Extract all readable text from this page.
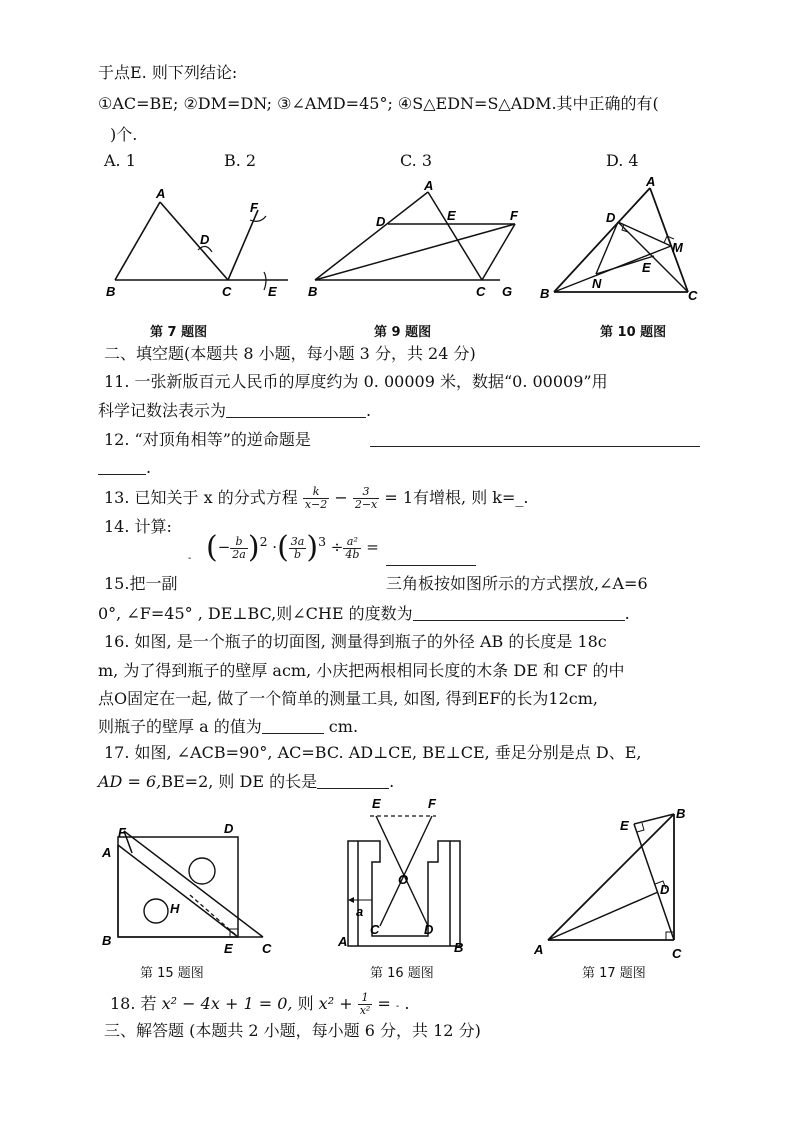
于点E. 则下列结论:
①AC=BE; ②DM=DN; ③∠AMD=45°; ④S△EDN=S△ADM.其中正确的有(
)个.
A. 1	B. 2	C. 3	D. 4
A
B	C
D
E
F
第 7 题图
A
B	C
D	E	F
G
第 9 题图
A
B	C
D
E
M
N
第 10 题图
二、填空题(本题共 8 小题，每小题 3 分，共 24 分)
11. 一张新版百元人民币的厚度约为 0. 00009 米，数据“0. 00009”用
科学记数法表示为	.
12. “对顶角相等”的逆命题是
.
13. 已知关于 x 的分式方程 $\frac{k}{x-2} - \frac{3}{2-x} = 1$有增根, 则 k=_.
14. 计算:
- (− $\frac{b}{2a} )^2$ ·( $\frac{3a}{b} )^3 \div \frac{\text{a²}}{4b}$ =
15.把一副	三角板按如图所示的方式摆放,∠A=6
0°, ∠F=45° , DE⊥BC,则∠CHE 的度数为	.
16. 如图, 是一个瓶子的切面图, 测量得到瓶子的外径 AB 的长度是 18c
m, 为了得到瓶子的壁厚 acm, 小庆把两根相同长度的木条 DE 和 CF 的中
点O固定在一起, 做了一个简单的测量工具, 如图, 得到EF的长为12cm,
则瓶子的壁厚 a 的值为	cm.
17. 如图, ∠ACB=90°, AC=BC. AD⊥CE, BE⊥CE, 垂足分别是点 D、E,
AD = 6,BE=2, 则 DE 的长是	.
A
B
C
D
E
F
H
第 15 题图
E	F
O
C	D
A	B
a
第 16 题图
A
B
C
D
E
第 17 题图
18. 若 x² − 4x + 1 = 0, 则 $x^2 + \frac{1}{\text{x²}}$ = - .
三、解答题 (本题共 2 小题，每小题 6 分，共 12 分)
